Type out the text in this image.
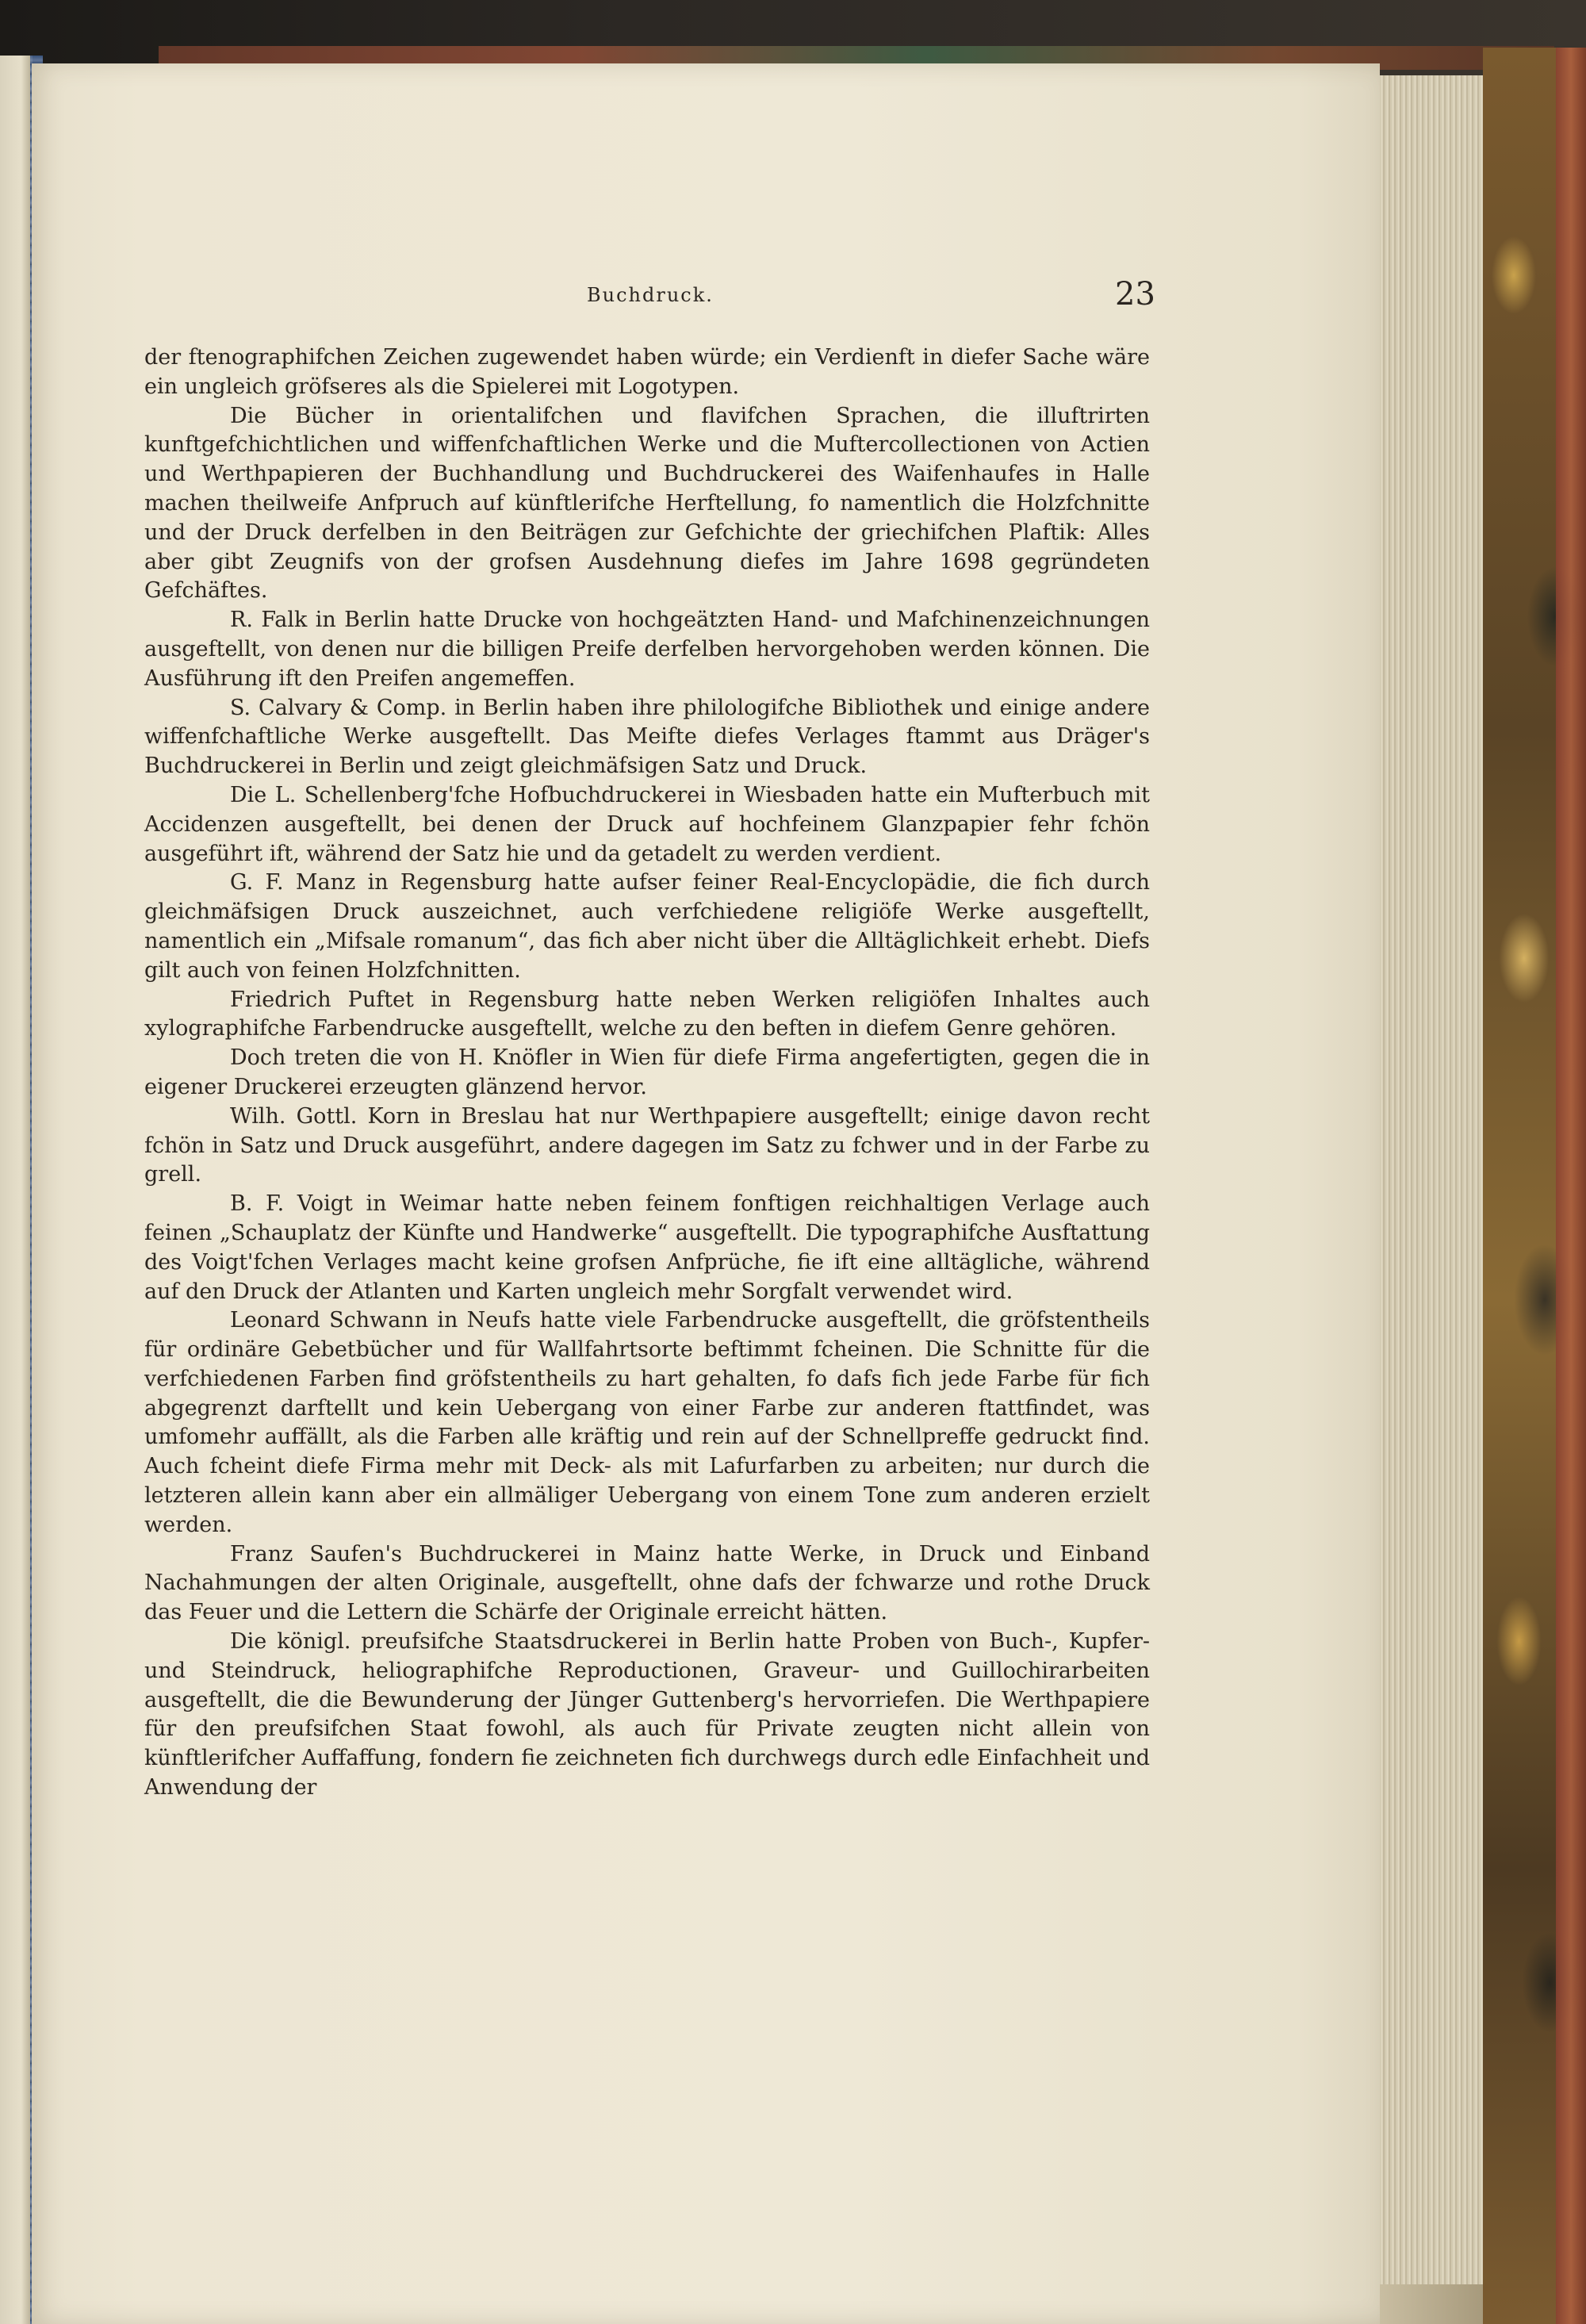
Buchdruck.	23

der ftenographifchen Zeichen zugewendet haben würde; ein Verdienft in diefer Sache wäre ein ungleich gröfseres als die Spielerei mit Logotypen.

Die Bücher in orientalifchen und flavifchen Sprachen, die illuftrirten kunftgefchichtlichen und wiffenfchaftlichen Werke und die Muftercollectionen von Actien und Werthpapieren der Buchhandlung und Buchdruckerei des Waifenhaufes in Halle machen theilweife Anfpruch auf künftlerifche Herftellung, fo namentlich die Holzfchnitte und der Druck derfelben in den Beiträgen zur Gefchichte der griechifchen Plaftik: Alles aber gibt Zeugnifs von der grofsen Ausdehnung diefes im Jahre 1698 gegründeten Gefchäftes.

R. Falk in Berlin hatte Drucke von hochgeätzten Hand- und Mafchinenzeichnungen ausgeftellt, von denen nur die billigen Preife derfelben hervorgehoben werden können. Die Ausführung ift den Preifen angemeffen.

S. Calvary & Comp. in Berlin haben ihre philologifche Bibliothek und einige andere wiffenfchaftliche Werke ausgeftellt. Das Meifte diefes Verlages ftammt aus Dräger's Buchdruckerei in Berlin und zeigt gleichmäfsigen Satz und Druck.

Die L. Schellenberg'fche Hofbuchdruckerei in Wiesbaden hatte ein Mufterbuch mit Accidenzen ausgeftellt, bei denen der Druck auf hochfeinem Glanzpapier fehr fchön ausgeführt ift, während der Satz hie und da getadelt zu werden verdient.

G. F. Manz in Regensburg hatte aufser feiner Real-Encyclopädie, die fich durch gleichmäfsigen Druck auszeichnet, auch verfchiedene religiöfe Werke ausgeftellt, namentlich ein „Mifsale romanum“, das fich aber nicht über die Alltäglichkeit erhebt. Diefs gilt auch von feinen Holzfchnitten.

Friedrich Puftet in Regensburg hatte neben Werken religiöfen Inhaltes auch xylographifche Farbendrucke ausgeftellt, welche zu den beften in diefem Genre gehören.

Doch treten die von H. Knöfler in Wien für diefe Firma angefertigten, gegen die in eigener Druckerei erzeugten glänzend hervor.

Wilh. Gottl. Korn in Breslau hat nur Werthpapiere ausgeftellt; einige davon recht fchön in Satz und Druck ausgeführt, andere dagegen im Satz zu fchwer und in der Farbe zu grell.

B. F. Voigt in Weimar hatte neben feinem fonftigen reichhaltigen Verlage auch feinen „Schauplatz der Künfte und Handwerke“ ausgeftellt. Die typographifche Ausftattung des Voigt'fchen Verlages macht keine grofsen Anfprüche, fie ift eine alltägliche, während auf den Druck der Atlanten und Karten ungleich mehr Sorgfalt verwendet wird.

Leonard Schwann in Neufs hatte viele Farbendrucke ausgeftellt, die gröfstentheils für ordinäre Gebetbücher und für Wallfahrtsorte beftimmt fcheinen. Die Schnitte für die verfchiedenen Farben find gröfstentheils zu hart gehalten, fo dafs fich jede Farbe für fich abgegrenzt darftellt und kein Uebergang von einer Farbe zur anderen ftattfindet, was umfomehr auffällt, als die Farben alle kräftig und rein auf der Schnellpreffe gedruckt find. Auch fcheint diefe Firma mehr mit Deck- als mit Lafurfarben zu arbeiten; nur durch die letzteren allein kann aber ein allmäliger Uebergang von einem Tone zum anderen erzielt werden.

Franz Saufen's Buchdruckerei in Mainz hatte Werke, in Druck und Einband Nachahmungen der alten Originale, ausgeftellt, ohne dafs der fchwarze und rothe Druck das Feuer und die Lettern die Schärfe der Originale erreicht hätten.

Die königl. preufsifche Staatsdruckerei in Berlin hatte Proben von Buch-, Kupfer- und Steindruck, heliographifche Reproductionen, Graveur- und Guillochirarbeiten ausgeftellt, die die Bewunderung der Jünger Guttenberg's hervorriefen. Die Werthpapiere für den preufsifchen Staat fowohl, als auch für Private zeugten nicht allein von künftlerifcher Auffaffung, fondern fie zeichneten fich durchwegs durch edle Einfachheit und Anwendung der
